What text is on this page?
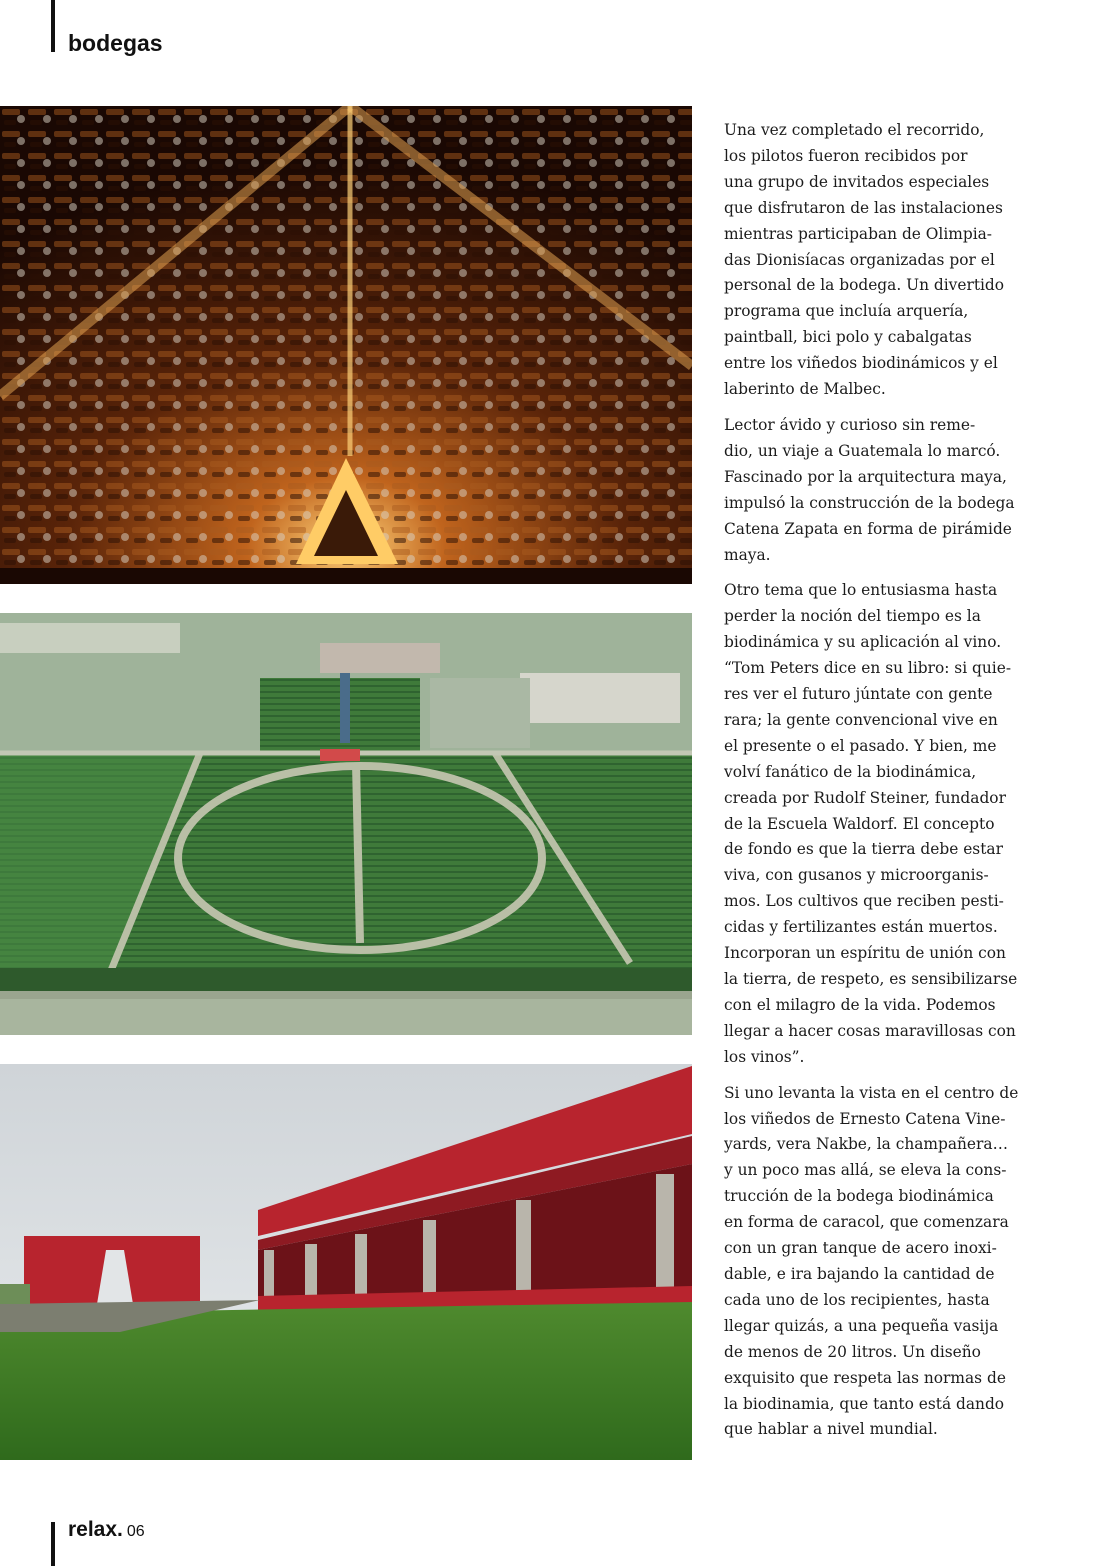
bodegas

Una vez completado el recorrido,
los pilotos fueron recibidos por
una grupo de invitados especiales
que disfrutaron de las instalaciones
mientras participaban de Olimpia-
das Dionisíacas organizadas por el
personal de la bodega. Un divertido
programa que incluía arquería,
paintball, bici polo y cabalgatas
entre los viñedos biodinámicos y el
laberinto de Malbec.

Lector ávido y curioso sin reme-
dio, un viaje a Guatemala lo marcó.
Fascinado por la arquitectura maya,
impulsó la construcción de la bodega
Catena Zapata en forma de pirámide
maya.

Otro tema que lo entusiasma hasta
perder la noción del tiempo es la
biodinámica y su aplicación al vino.
“Tom Peters dice en su libro: si quie-
res ver el futuro júntate con gente
rara; la gente convencional vive en
el presente o el pasado. Y bien, me
volví fanático de la biodinámica,
creada por Rudolf Steiner, fundador
de la Escuela Waldorf. El concepto
de fondo es que la tierra debe estar
viva, con gusanos y microorganis-
mos. Los cultivos que reciben pesti-
cidas y fertilizantes están muertos.
Incorporan un espíritu de unión con
la tierra, de respeto, es sensibilizarse
con el milagro de la vida. Podemos
llegar a hacer cosas maravillosas con
los vinos”.

Si uno levanta la vista en el centro de
los viñedos de Ernesto Catena Vine-
yards, vera Nakbe, la champañera…
y un poco mas allá, se eleva la cons-
trucción de la bodega biodinámica
en forma de caracol, que comenzara
con un gran tanque de acero inoxi-
dable, e ira bajando la cantidad de
cada uno de los recipientes, hasta
llegar quizás, a una pequeña vasija
de menos de 20 litros. Un diseño
exquisito que respeta las normas de
la biodinamia, que tanto está dando
que hablar a nivel mundial.

relax. 06
